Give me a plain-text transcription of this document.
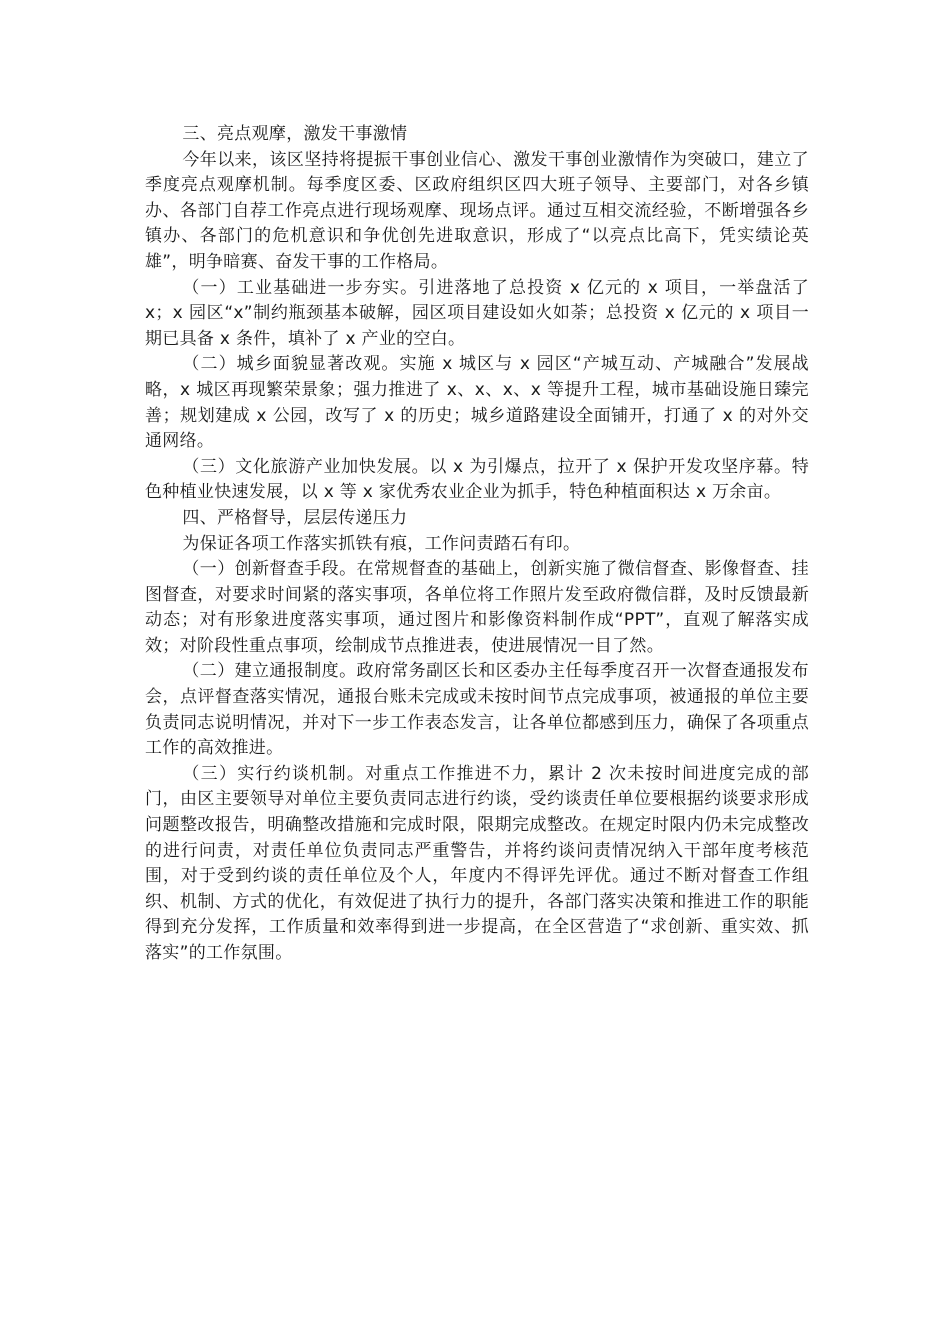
三、亮点观摩，激发干事激情

今年以来，该区坚持将提振干事创业信心、激发干事创业激情作为突破口，建立了季度亮点观摩机制。每季度区委、区政府组织区四大班子领导、主要部门，对各乡镇办、各部门自荐工作亮点进行现场观摩、现场点评。通过互相交流经验，不断增强各乡镇办、各部门的危机意识和争优创先进取意识，形成了“以亮点比高下，凭实绩论英雄”，明争暗赛、奋发干事的工作格局。

（一）工业基础进一步夯实。引进落地了总投资 x 亿元的 x 项目，一举盘活了 x；x 园区“x”制约瓶颈基本破解，园区项目建设如火如荼；总投资 x 亿元的 x 项目一期已具备 x 条件，填补了 x 产业的空白。

（二）城乡面貌显著改观。实施 x 城区与 x 园区“产城互动、产城融合”发展战略，x 城区再现繁荣景象；强力推进了 x、x、x、x 等提升工程，城市基础设施日臻完善；规划建成 x 公园，改写了 x 的历史；城乡道路建设全面铺开，打通了 x 的对外交通网络。

（三）文化旅游产业加快发展。以 x 为引爆点，拉开了 x 保护开发攻坚序幕。特色种植业快速发展，以 x 等 x 家优秀农业企业为抓手，特色种植面积达 x 万余亩。

四、严格督导，层层传递压力

为保证各项工作落实抓铁有痕，工作问责踏石有印。

（一）创新督查手段。在常规督查的基础上，创新实施了微信督查、影像督查、挂图督查，对要求时间紧的落实事项，各单位将工作照片发至政府微信群，及时反馈最新动态；对有形象进度落实事项，通过图片和影像资料制作成“PPT”，直观了解落实成效；对阶段性重点事项，绘制成节点推进表，使进展情况一目了然。

（二）建立通报制度。政府常务副区长和区委办主任每季度召开一次督查通报发布会，点评督查落实情况，通报台账未完成或未按时间节点完成事项，被通报的单位主要负责同志说明情况，并对下一步工作表态发言，让各单位都感到压力，确保了各项重点工作的高效推进。

（三）实行约谈机制。对重点工作推进不力，累计 2 次未按时间进度完成的部门，由区主要领导对单位主要负责同志进行约谈，受约谈责任单位要根据约谈要求形成问题整改报告，明确整改措施和完成时限，限期完成整改。在规定时限内仍未完成整改的进行问责，对责任单位负责同志严重警告，并将约谈问责情况纳入干部年度考核范围，对于受到约谈的责任单位及个人，年度内不得评先评优。通过不断对督查工作组织、机制、方式的优化，有效促进了执行力的提升，各部门落实决策和推进工作的职能得到充分发挥，工作质量和效率得到进一步提高，在全区营造了“求创新、重实效、抓落实”的工作氛围。
